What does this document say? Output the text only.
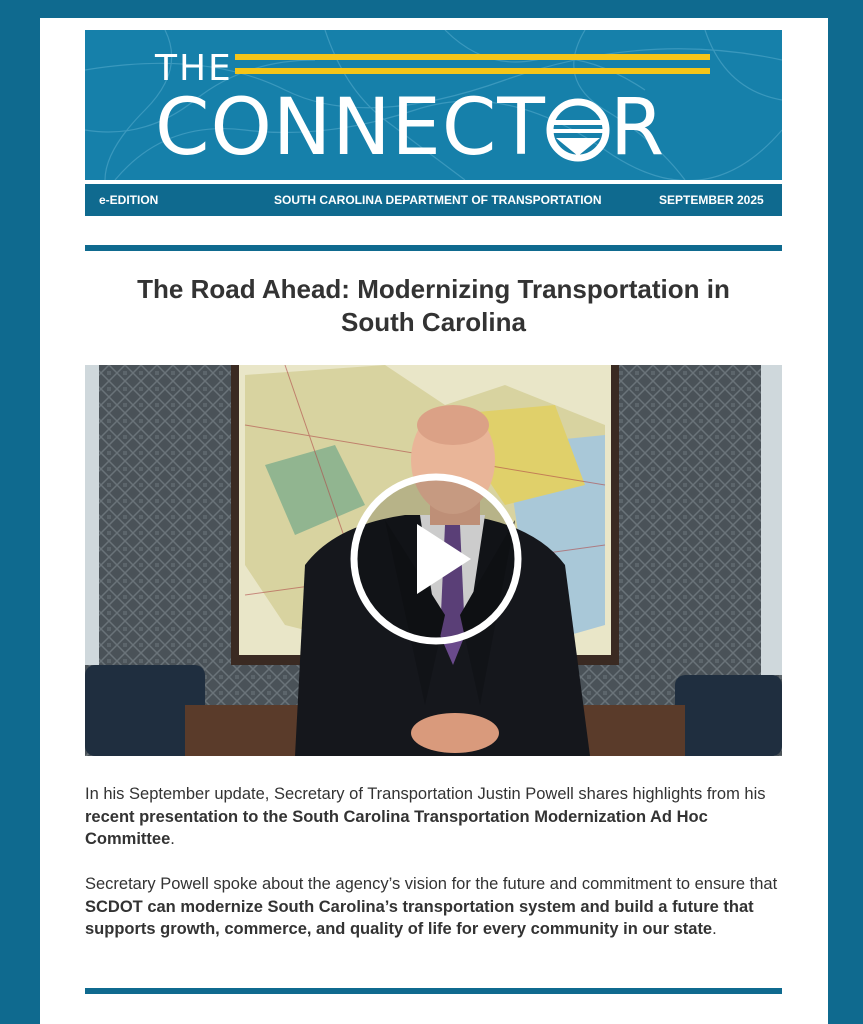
THE
CONNECT R
e-EDITION	SOUTH CAROLINA DEPARTMENT OF TRANSPORTATION	SEPTEMBER 2025
The Road Ahead: Modernizing Transportation in
South Carolina
In his September update, Secretary of Transportation Justin Powell shares highlights from his recent presentation to the South Carolina Transportation Modernization Ad Hoc Committee.
Secretary Powell spoke about the agency’s vision for the future and commitment to ensure that SCDOT can modernize South Carolina’s transportation system and build a future that supports growth, commerce, and quality of life for every community in our state.
